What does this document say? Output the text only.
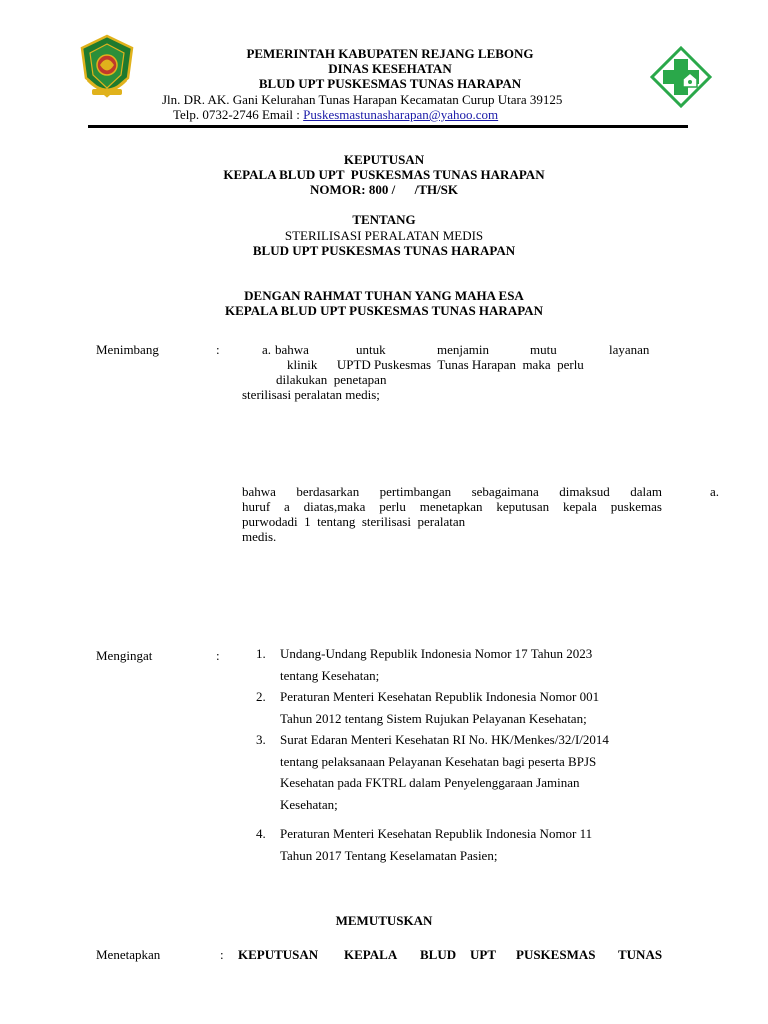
PEMERINTAH KABUPATEN REJANG LEBONG
DINAS KESEHATAN
BLUD UPT PUSKESMAS TUNAS HARAPAN
Jln. DR. AK. Gani Kelurahan Tunas Harapan Kecamatan Curup Utara 39125
Telp. 0732-2746 Email : Puskesmastunasharapan@yahoo.com
KEPUTUSAN
KEPALA BLUD UPT  PUSKESMAS TUNAS HARAPAN
NOMOR: 800 /      /TH/SK
TENTANG
STERILISASI PERALATAN MEDIS
BLUD UPT PUSKESMAS TUNAS HARAPAN
DENGAN RAHMAT TUHAN YANG MAHA ESA
KEPALA BLUD UPT PUSKESMAS TUNAS HARAPAN
Menimbang	:	a. bahwa	untuk	menjamin	mutu	layanan
klinik      UPTD Puskesmas  Tunas Harapan  maka  perlu
dilakukan  penetapan
sterilisasi peralatan medis;
bahwa berdasarkan pertimbangan sebagaimana dimaksud dalam	a.
huruf a diatas,maka perlu menetapkan keputusan kepala puskemas
purwodadi  1  tentang  sterilisasi  peralatan
medis.
Mengingat	:	1. Undang-Undang Republik Indonesia Nomor 17 Tahun 2023
tentang Kesehatan;
2. Peraturan Menteri Kesehatan Republik Indonesia Nomor 001
Tahun 2012 tentang Sistem Rujukan Pelayanan Kesehatan;
3. Surat Edaran Menteri Kesehatan RI No. HK/Menkes/32/I/2014
tentang pelaksanaan Pelayanan Kesehatan bagi peserta BPJS
Kesehatan pada FKTRL dalam Penyelenggaraan Jaminan
Kesehatan;
4. Peraturan Menteri Kesehatan Republik Indonesia Nomor 11
Tahun 2017 Tentang Keselamatan Pasien;
MEMUTUSKAN
Menetapkan	: KEPUTUSAN KEPALA BLUD UPT PUSKESMAS TUNAS
